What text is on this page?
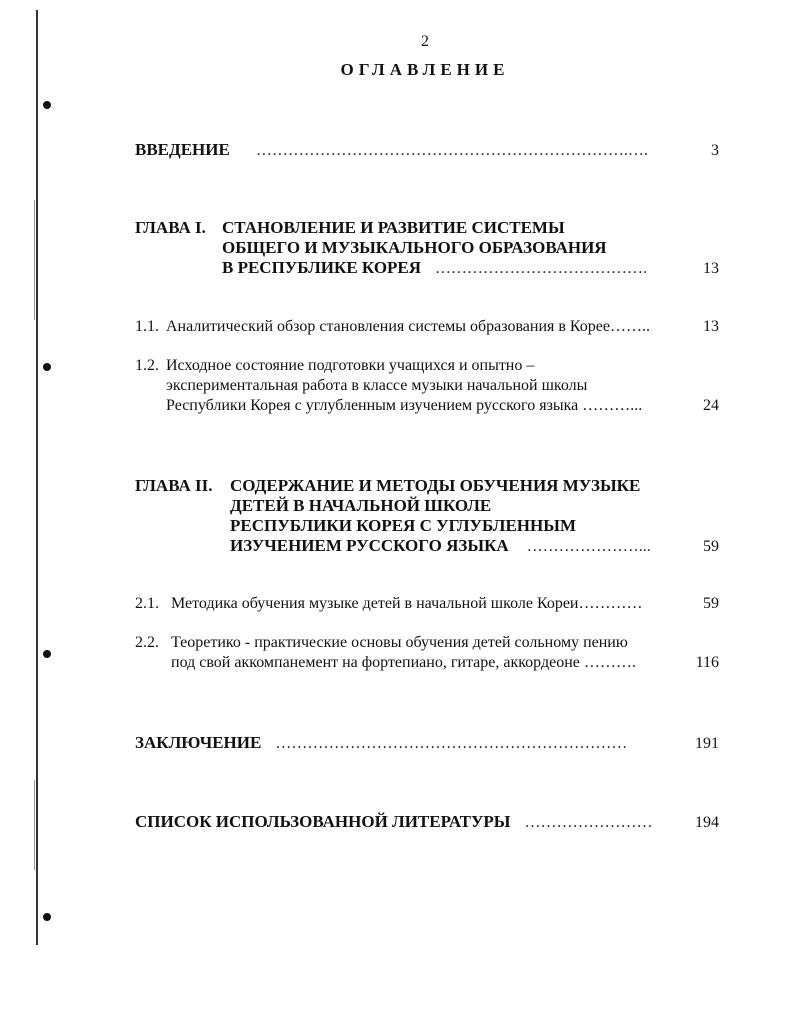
2
ОГЛАВЛЕНИЕ
ВВЕДЕНИЕ …………………………………………………………….….	3
ГЛАВА I. СТАНОВЛЕНИЕ И РАЗВИТИЕ СИСТЕМЫ
ОБЩЕГО И МУЗЫКАЛЬНОГО ОБРАЗОВАНИЯ
В РЕСПУБЛИКЕ КОРЕЯ ………………………………….	13
1.1. Аналитический обзор становления системы образования в Корее……..	13
1.2. Исходное состояние подготовки учащихся и опытно –
экспериментальная работа в классе музыки начальной школы
Республики Корея с углубленным изучением русского языка ………...	24
ГЛАВА II. СОДЕРЖАНИЕ И МЕТОДЫ ОБУЧЕНИЯ МУЗЫКЕ
ДЕТЕЙ В НАЧАЛЬНОЙ ШКОЛЕ
РЕСПУБЛИКИ КОРЕЯ С УГЛУБЛЕННЫМ
ИЗУЧЕНИЕМ РУССКОГО ЯЗЫКА …………………...	59
2.1. Методика обучения музыке детей в начальной школе Кореи…………	59
2.2. Теоретико - практические основы обучения детей сольному пению
под свой аккомпанемент на фортепиано, гитаре, аккордеоне ……….	116
ЗАКЛЮЧЕНИЕ …………………………………………………………	191
СПИСОК ИСПОЛЬЗОВАННОЙ ЛИТЕРАТУРЫ ……………………	194
